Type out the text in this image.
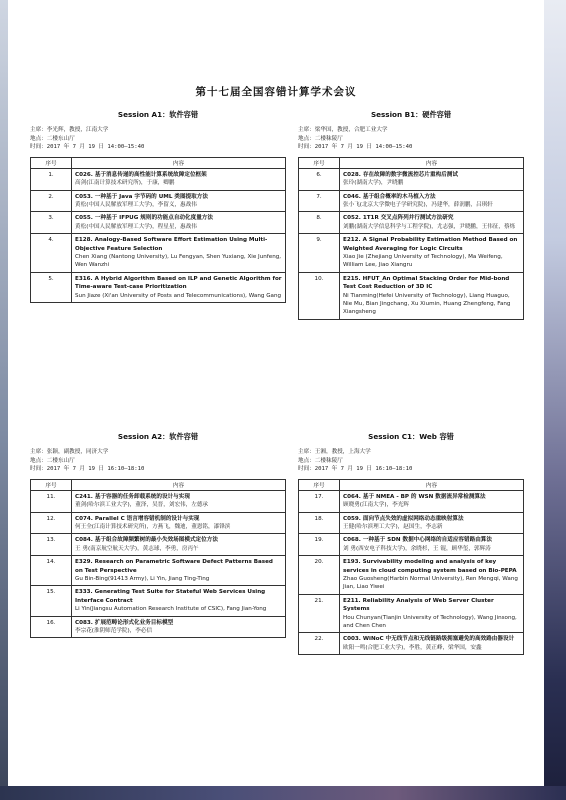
第十七届全国容错计算学术会议
Session A1：软件容错
主席：李光辉，教授，江南大学
地点：二楼东山厅
时间：2017 年 7 月 19 日 14:00–15:40
序号	内容
1.	C026. 基于消息传递的高性能计算系统故障定位框架
高剑(江南计算技术研究所)，于康，卿鹏

2.	C053. 一种基于 Java 字节码的 UML 类图提取方法
黄松(中国人民解放军理工大学)，李留义，惠战伟

3.	C055. 一种基于 IFPUG 规则的功能点自动化度量方法
黄松(中国人民解放军理工大学)，程星星，惠战伟

4.	E128. Analogy-Based Software Effort Estimation Using Multi-Objective Feature Selection
Chen Xiang (Nantong University), Lu Fengyan, Shen Yuxiang, Xie Junfeng, Wen Wanzhi

5.	E316. A Hybrid Algorithm Based on ILP and Genetic Algorithm for Time-aware Test-case Prioritization
Sun Jiaze (Xi'an University of Posts and Telecommunications), Wang Gang
Session B1：硬件容错
主席：梁华国，教授，合肥工业大学
地点：二楼秣陵厅
时间：2017 年 7 月 19 日 14:00–15:40
序号	内容
6.	C028. 存在故障的数字微流控芯片重构后测试
张玲(湖南大学)，尹晓鹏

7.	C046. 基于组合概率的木马植入方法
张小飞(北京大学微电子学研究院)，冯建华，薛润鹏，吕琪轩

8.	C052. 1T1R 交叉点阵列并行测试方法研究
刘鹏(湖南大学信息科学与工程学院)，尤志强，尹晓鹏，王伟征，蔡烁

9.	E212. A Signal Probability Estimation Method Based on Weighted Averaging for Logic Circuits
Xiao Jie (Zhejiang University of Technology), Ma Weifeng, William Lee, Jiao Xiangru

10.	E215. HFUT_An Optimal Stacking Order for Mid-bond Test Cost Reduction of 3D IC
Ni Tianming(Hefei University of Technology), Liang Huaguo, Nie Mu, Bian Jingchang, Xu Xiumin, Huang Zhengfeng, Fang Xiangsheng
Session A2：软件容错
主席：张颖，副教授，同济大学
地点：二楼东山厅
时间：2017 年 7 月 19 日 16:10–18:10
序号	内容
11.	C241. 基于容器的任务卸载系统的设计与实现
董剑(哈尔滨工业大学)，董泽，吴晋，刘宏伟，左德承

12.	C074. Parallel C 语言增容错机制的设计与实现
何王全(江南计算技术研究所)，方燕飞，魏迪，董恩铭，漆锋滨

13.	C084. 基于组合故障频繁树的最小失效场图模式定位方法
王 勇(南京航空航天大学)，黄志球，李勇，房丙午

14.	E329. Research on Parametric Software Defect Patterns Based on Test Perspective
Gu Bin-Bing(91413 Army), Li Yin, Jiang Ting-Ting

15.	E333. Generating Test Suite for Stateful Web Services Using Interface Contract
Li Yin(Jiangsu Automation Research Institute of CSIC), Fang Jian-Yong

16.	C083. 扩展范畴论形式化业务目标模型
李宗花(淮阴师范学院)，李必信
Session C1：Web 容错
主席：王湘，教授，上海大学
地点：二楼秣陵厅
时间：2017 年 7 月 19 日 16:10–18:10
序号	内容
17.	C064. 基于 NMEA - BP 的 WSN 数据流异常检测算法
顾晓勇(江南大学)，李光辉

18.	C059. 面向节点失效的虚拟网络动态重映射算法
王健(哈尔滨理工大学)，赵国生，李志新

19.	C068. 一种基于 SDN 数据中心网络的自适应容错路由算法
刘 勇(西安电子科技大学)，余晓杉，王 锟，顾华玺，郭辉涛

20.	E193. Survivability modeling and analysis of key services in cloud computing system based on Bio-PEPA
Zhao Guosheng(Harbin Normal University), Ren Mengqi, Wang Jian, Liao Yiwei

21.	E211. Reliability Analysis of Web Server Cluster Systems
Hou Chunyan(Tianjin University of Technology), Wang Jinsong, and Chen Chen

22.	C003. WiNoC 中无线节点和无线链路级拥塞避免的高效路由器设计
欧阳一鸣(合肥工业大学)，李胜，黄正峰，梁华国，安鑫
